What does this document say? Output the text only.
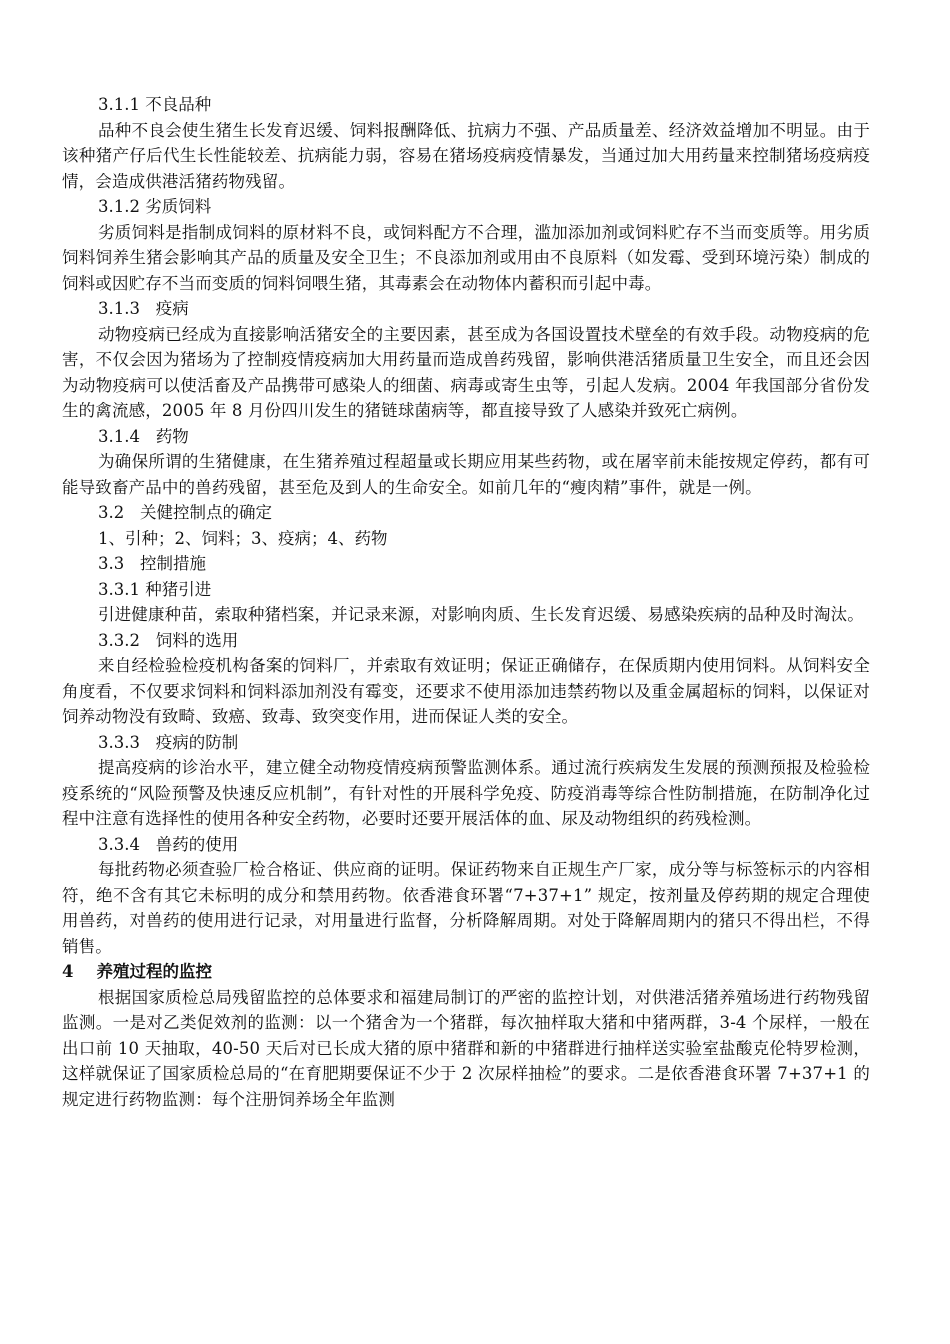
3.1.1 不良品种

品种不良会使生猪生长发育迟缓、饲料报酬降低、抗病力不强、产品质量差、经济效益增加不明显。由于该种猪产仔后代生长性能较差、抗病能力弱，容易在猪场疫病疫情暴发，当通过加大用药量来控制猪场疫病疫情，会造成供港活猪药物残留。

3.1.2 劣质饲料

劣质饲料是指制成饲料的原材料不良，或饲料配方不合理，滥加添加剂或饲料贮存不当而变质等。用劣质饲料饲养生猪会影响其产品的质量及安全卫生；不良添加剂或用由不良原料（如发霉、受到环境污染）制成的饲料或因贮存不当而变质的饲料饲喂生猪，其毒素会在动物体内蓄积而引起中毒。

3.1.3   疫病

动物疫病已经成为直接影响活猪安全的主要因素，甚至成为各国设置技术壁垒的有效手段。动物疫病的危害，不仅会因为猪场为了控制疫情疫病加大用药量而造成兽药残留，影响供港活猪质量卫生安全，而且还会因为动物疫病可以使活畜及产品携带可感染人的细菌、病毒或寄生虫等，引起人发病。2004 年我国部分省份发生的禽流感，2005 年 8 月份四川发生的猪链球菌病等，都直接导致了人感染并致死亡病例。

3.1.4   药物

为确保所谓的生猪健康，在生猪养殖过程超量或长期应用某些药物，或在屠宰前未能按规定停药，都有可能导致畜产品中的兽药残留，甚至危及到人的生命安全。如前几年的“瘦肉精”事件，就是一例。

3.2   关健控制点的确定

1、引种；2、饲料；3、疫病；4、药物

3.3   控制措施
3.3.1 种猪引进

引进健康种苗，索取种猪档案，并记录来源，对影响肉质、生长发育迟缓、易感染疾病的品种及时淘汰。

3.3.2   饲料的选用

来自经检验检疫机构备案的饲料厂，并索取有效证明；保证正确储存，在保质期内使用饲料。从饲料安全角度看，不仅要求饲料和饲料添加剂没有霉变，还要求不使用添加违禁药物以及重金属超标的饲料，以保证对饲养动物没有致畸、致癌、致毒、致突变作用，进而保证人类的安全。

3.3.3   疫病的防制

提高疫病的诊治水平，建立健全动物疫情疫病预警监测体系。通过流行疾病发生发展的预测预报及检验检疫系统的“风险预警及快速反应机制”，有针对性的开展科学免疫、防疫消毒等综合性防制措施，在防制净化过程中注意有选择性的使用各种安全药物，必要时还要开展活体的血、尿及动物组织的药残检测。

3.3.4   兽药的使用

每批药物必须查验厂检合格证、供应商的证明。保证药物来自正规生产厂家，成分等与标签标示的内容相符，绝不含有其它未标明的成分和禁用药物。依香港食环署“7+37+1” 规定，按剂量及停药期的规定合理使用兽药，对兽药的使用进行记录，对用量进行监督，分析降解周期。对处于降解周期内的猪只不得出栏，不得销售。

4    养殖过程的监控

根据国家质检总局残留监控的总体要求和福建局制订的严密的监控计划，对供港活猪养殖场进行药物残留监测。一是对乙类促效剂的监测：以一个猪舍为一个猪群，每次抽样取大猪和中猪两群，3-4 个尿样，一般在出口前 10 天抽取，40-50 天后对已长成大猪的原中猪群和新的中猪群进行抽样送实验室盐酸克伦特罗检测，这样就保证了国家质检总局的“在育肥期要保证不少于 2 次尿样抽检”的要求。二是依香港食环署 7+37+1 的规定进行药物监测：每个注册饲养场全年监测
